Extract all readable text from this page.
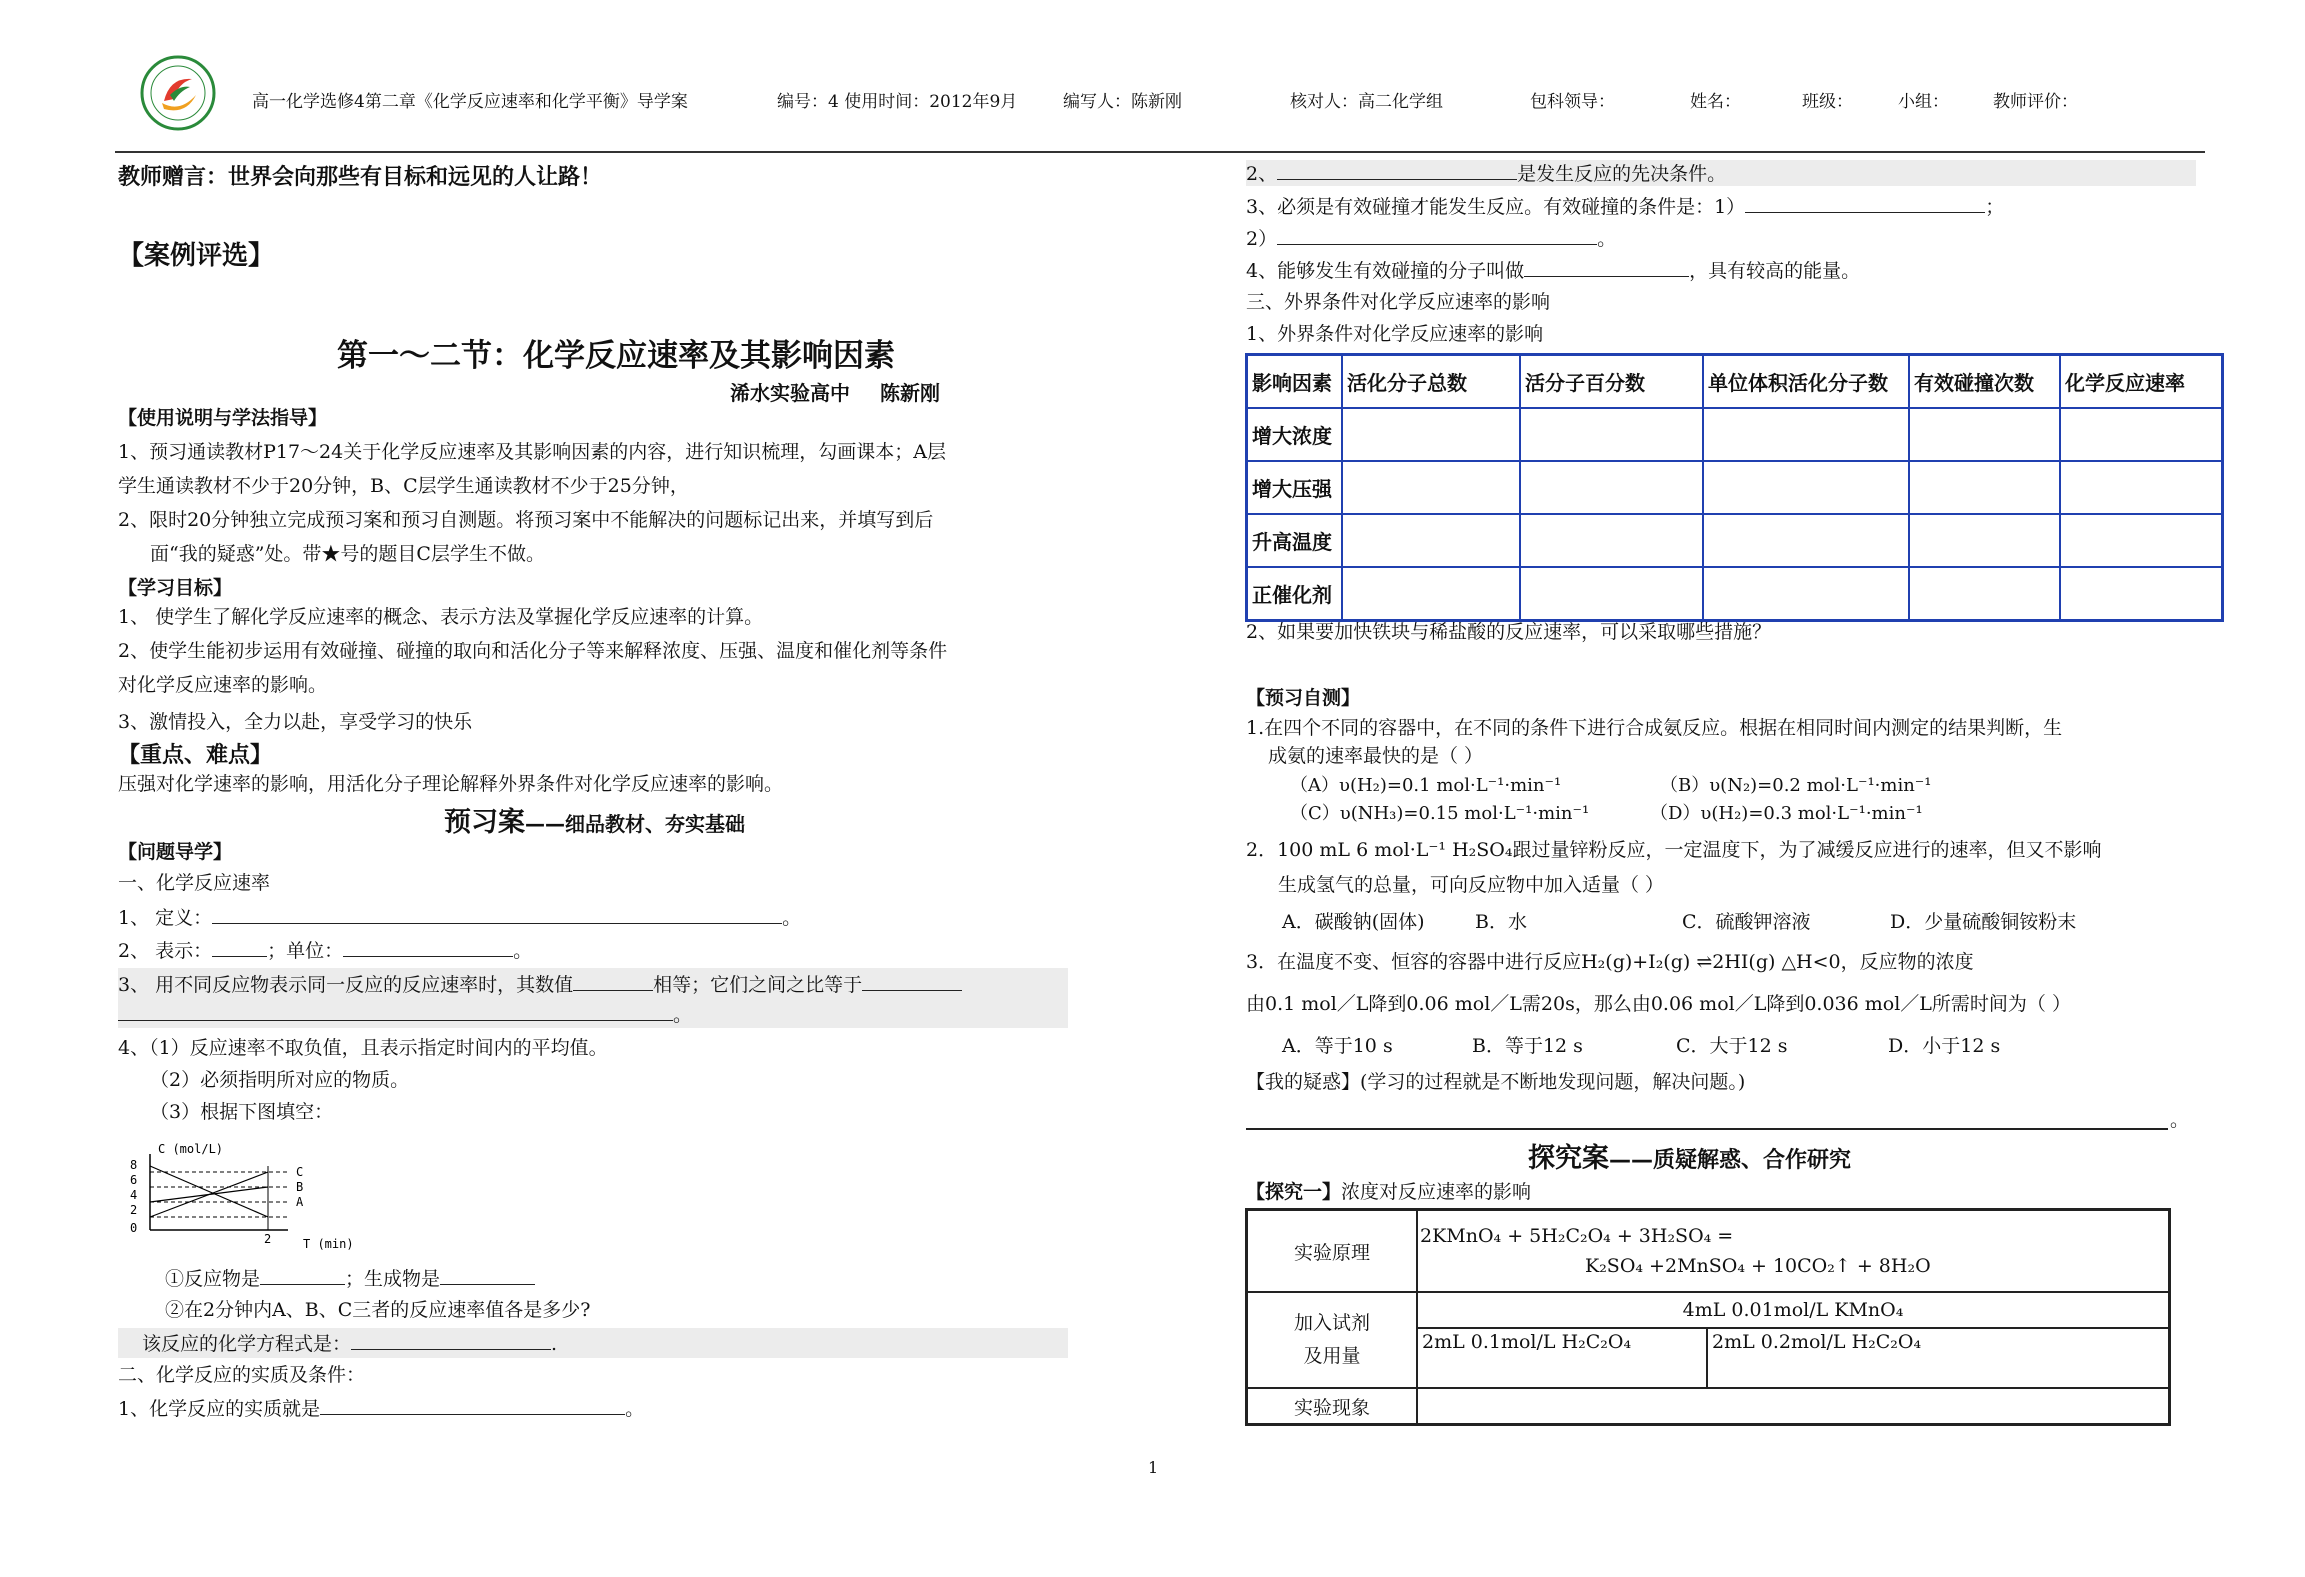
高一化学选修4第二章《化学反应速率和化学平衡》导学案	编号：4 使用时间：2012年9月	编写人：陈新刚	核对人：高二化学组	包科领导：	姓名：	班级：	小组：	教师评价：
教师赠言：世界会向那些有目标和远见的人让路！
【案例评选】
第一～二节：化学反应速率及其影响因素
浠水实验高中 陈新刚
【使用说明与学法指导】
1、预习通读教材P17～24关于化学反应速率及其影响因素的内容，进行知识梳理，勾画课本；A层
学生通读教材不少于20分钟，B、C层学生通读教材不少于25分钟，
2、限时20分钟独立完成预习案和预习自测题。将预习案中不能解决的问题标记出来，并填写到后
面“我的疑惑”处。带★号的题目C层学生不做。
【学习目标】
1、 使学生了解化学反应速率的概念、表示方法及掌握化学反应速率的计算。
2、使学生能初步运用有效碰撞、碰撞的取向和活化分子等来解释浓度、压强、温度和催化剂等条件
对化学反应速率的影响。
3、激情投入，全力以赴，享受学习的快乐
【重点、难点】
压强对化学速率的影响，用活化分子理论解释外界条件对化学反应速率的影响。
预习案——细品教材、夯实基础
【问题导学】
一、化学反应速率
1、 定义：	。
2、 表示：	；单位：	。
3、 用不同反应物表示同一反应的反应速率时，其数值	相等；它们之间之比等于
。
4、（1）反应速率不取负值，且表示指定时间内的平均值。
（2）必须指明所对应的物质。
（3）根据下图填空：
C (mol/L)
8
6
4
2
0
C
B
A
2	T (min)
①反应物是	；生成物是
②在2分钟内A、B、C三者的反应速率值各是多少?
该反应的化学方程式是：	.
二、化学反应的实质及条件：
1、化学反应的实质就是	。
2、	是发生反应的先决条件。
3、必须是有效碰撞才能发生反应。有效碰撞的条件是：1）	；
2）	。
4、能够发生有效碰撞的分子叫做	，具有较高的能量。
三、外界条件对化学反应速率的影响
1、外界条件对化学反应速率的影响
影响因素	活化分子总数	活分子百分数	单位体积活化分子数	有效碰撞次数	化学反应速率
增大浓度					
增大压强					
升高温度					
正催化剂					
2、如果要加快铁块与稀盐酸的反应速率，可以采取哪些措施？
【预习自测】
1.在四个不同的容器中，在不同的条件下进行合成氨反应。根据在相同时间内测定的结果判断，生
成氨的速率最快的是（ ）
（A）υ(H₂)=0.1 mol·L⁻¹·min⁻¹	（B）υ(N₂)=0.2 mol·L⁻¹·min⁻¹
（C）υ(NH₃)=0.15 mol·L⁻¹·min⁻¹	（D）υ(H₂)=0.3 mol·L⁻¹·min⁻¹
2．100 mL 6 mol·L⁻¹ H₂SO₄跟过量锌粉反应，一定温度下，为了减缓反应进行的速率，但又不影响
生成氢气的总量，可向反应物中加入适量（ ）
A．碳酸钠(固体)	B．水	C．硫酸钾溶液	D．少量硫酸铜铵粉末
3．在温度不变、恒容的容器中进行反应H₂(g)+I₂(g) ⇌2HI(g) △H<0，反应物的浓度
由0.1 mol／L降到0.06 mol／L需20s，那么由0.06 mol／L降到0.036 mol／L所需时间为（ ）
A．等于10 s	B．等于12 s	C．大于12 s	D．小于12 s
【我的疑惑】(学习的过程就是不断地发现问题，解决问题。)
。
探究案——质疑解惑、合作研究
【探究一】浓度对反应速率的影响
实验原理	2KMnO₄ + 5H₂C₂O₄ + 3H₂SO₄ =
K₂SO₄ +2MnSO₄ + 10CO₂↑ + 8H₂O	

加入试剂
及用量	4mL 0.01mol/L KMnO₄	
	2mL 0.1mol/L H₂C₂O₄	2mL 0.2mol/L H₂C₂O₄
实验现象		
1
